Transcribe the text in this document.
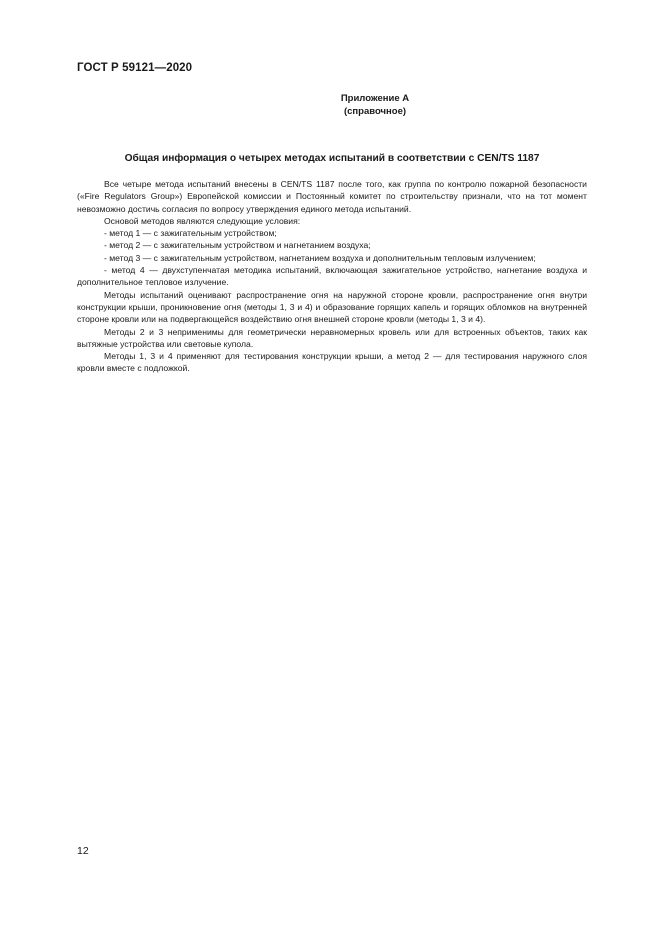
ГОСТ Р 59121—2020
Приложение А
(справочное)
Общая информация о четырех методах испытаний в соответствии с CEN/TS 1187

Все четыре метода испытаний внесены в CEN/TS 1187 после того, как группа по контролю пожарной безопасности («Fire Regulators Group») Европейской комиссии и Постоянный комитет по строительству признали, что на тот момент невозможно достичь согласия по вопросу утверждения единого метода испытаний.

Основой методов являются следующие условия:

- метод 1 — с зажигательным устройством;

- метод 2 — с зажигательным устройством и нагнетанием воздуха;

- метод 3 — с зажигательным устройством, нагнетанием воздуха и дополнительным тепловым излучением;

- метод 4 — двухступенчатая методика испытаний, включающая зажигательное устройство, нагнетание воздуха и дополнительное тепловое излучение.

Методы испытаний оценивают распространение огня на наружной стороне кровли, распространение огня внутри конструкции крыши, проникновение огня (методы 1, 3 и 4) и образование горящих капель и горящих обломков на внутренней стороне кровли или на подвергающейся воздействию огня внешней стороне кровли (методы 1, 3 и 4).

Методы 2 и 3 неприменимы для геометрически неравномерных кровель или для встроенных объектов, таких как вытяжные устройства или световые купола.

Методы 1, 3 и 4 применяют для тестирования конструкции крыши, а метод 2 — для тестирования наружного слоя кровли вместе с подложкой.

12
